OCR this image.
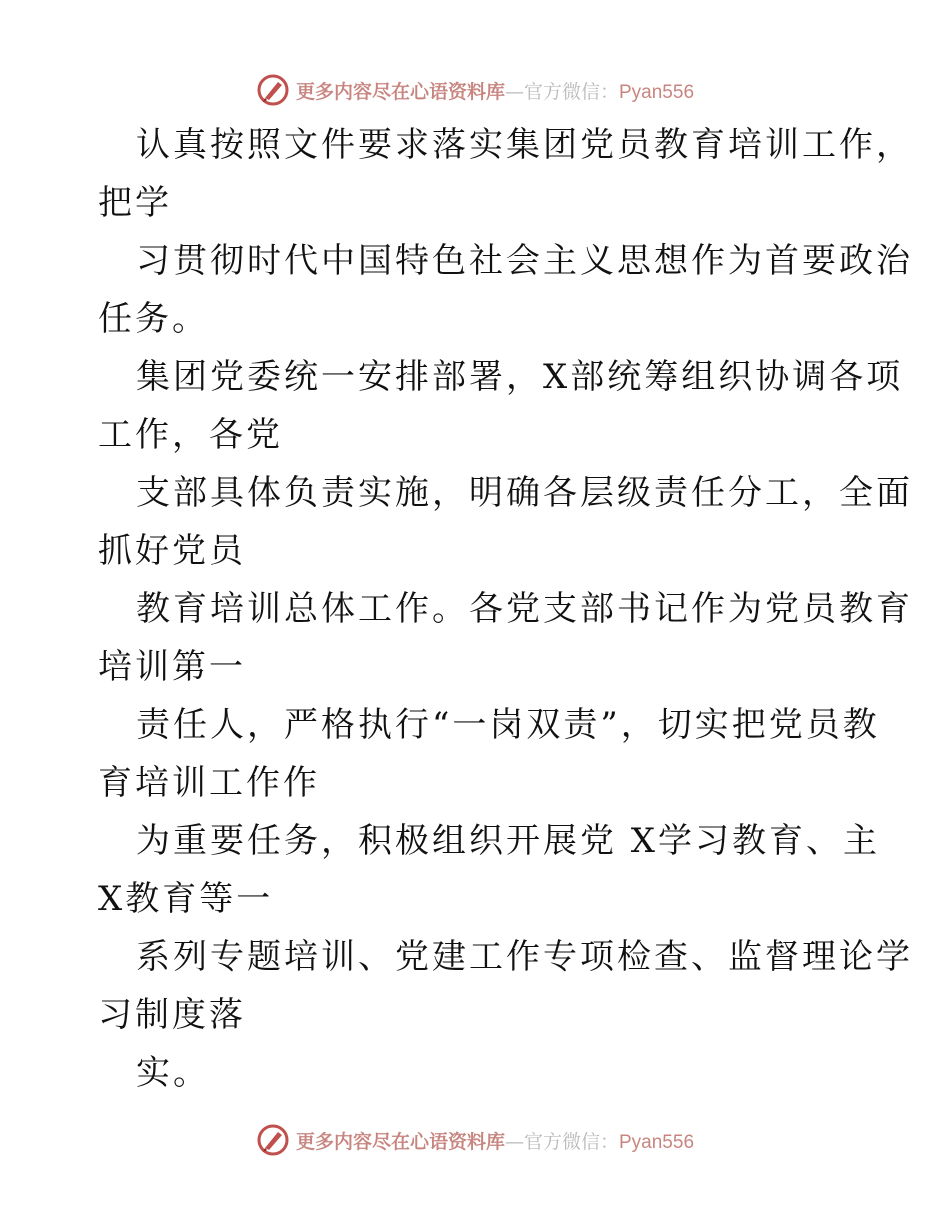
更多内容尽在心语资料库—官方微信：Pyan556
认真按照文件要求落实集团党员教育培训工作，
把学
习贯彻时代中国特色社会主义思想作为首要政治
任务。
集团党委统一安排部署，X部统筹组织协调各项
工作，各党
支部具体负责实施，明确各层级责任分工，全面
抓好党员
教育培训总体工作。各党支部书记作为党员教育
培训第一
责任人，严格执行“一岗双责”，切实把党员教
育培训工作作
为重要任务，积极组织开展党 X学习教育、主
X教育等一
系列专题培训、党建工作专项检查、监督理论学
习制度落
实。
更多内容尽在心语资料库—官方微信：Pyan556
